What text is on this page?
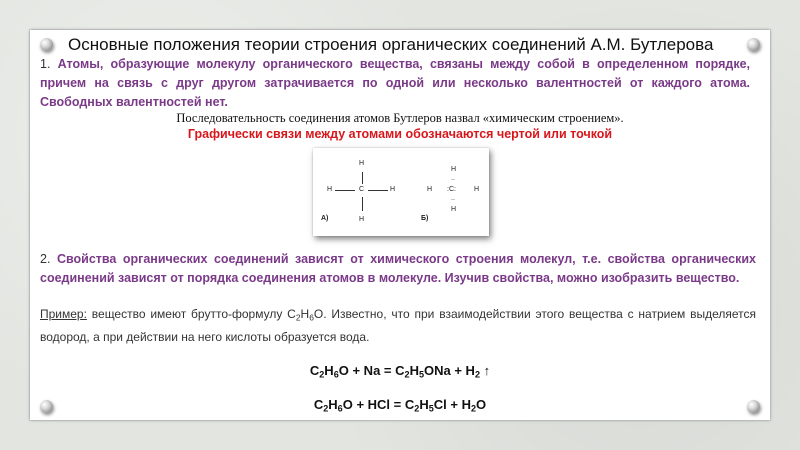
Основные положения теории строения органических соединений А.М. Бутлерова

1. Атомы, образующие молекулу органического вещества, связаны между собой в определенном порядке, причем на связь с друг другом затрачивается по одной или несколько валентностей от каждого атома. Свободных валентностей нет.

Последовательность соединения атомов Бутлеров назвал «химическим строением».

Графически связи между атомами обозначаются чертой или точкой

H
H	C	H
H
А)
H
..
H :C:	H
..
H
Б)

2. Свойства органических соединений зависят от химического строения молекул, т.е. свойства органических соединений зависят от порядка соединения атомов в молекуле. Изучив свойства, можно изобразить вещество.

Пример: вещество имеют брутто-формулу $C_2H_6O$. Известно, что при взаимодействии этого вещества с натрием выделяется водород, а при действии на него кислоты образуется вода.

$C_2H_6O + Na = C_2H_5ONa + H_2$ ↑

$C_2H_6O$ + HCl = $C_2H_5Cl + H_2O$
